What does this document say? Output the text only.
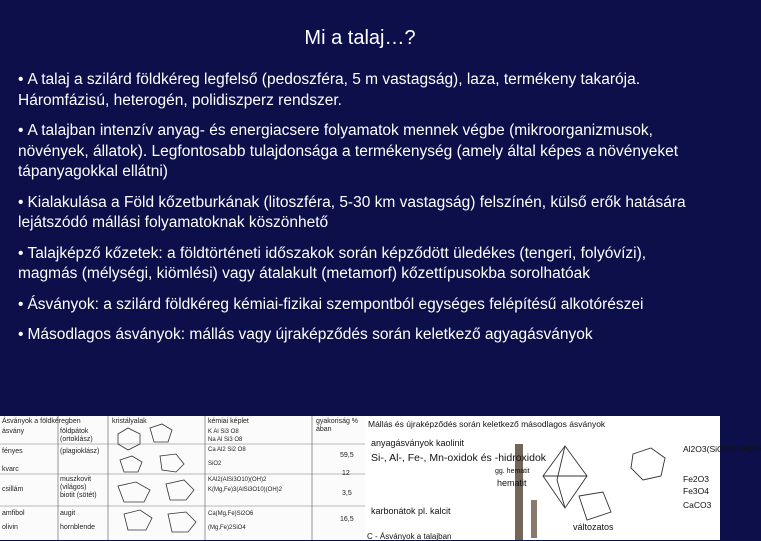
Mi a talaj…?
• A talaj a szilárd földkéreg legfelső (pedoszféra, 5 m vastagság), laza, termékeny takarója. Háromfázisú, heterogén, polidiszperz rendszer.
• A talajban intenzív anyag- és energiacsere folyamatok mennek végbe (mikroorganizmusok, növények, állatok). Legfontosabb tulajdonsága a termékenység (amely által képes a növényeket tápanyagokkal ellátni)
• Kialakulása a Föld kőzetburkának (litoszféra, 5-30 km vastagság) felszínén, külső erők hatására lejátszódó mállási folyamatoknak köszönhető
• Talajképző kőzetek: a földtörténeti időszakok során képződött üledékes (tengeri, folyóvízi), magmás (mélységi, kiömlési) vagy átalakult (metamorf) kőzettípusokba sorolhatóak
• Ásványok: a szilárd földkéreg kémiai-fizikai szempontból egységes felépítésű alkotórészei
• Másodlagos ásványok: mállás vagy újraképződés során keletkező agyagásványok
Ásványok a földkéregben
ásvány
fényes
kvarc
csillám
amfibol
olivin
földpátok (ortoklász)
(plagioklász)
muszkovit (világos)
biotit (sötét)
augit
hornblende
kristályalak	kémiai képlet
K Al Si3 O8
Na Al Si3 O8
Ca Al2 Si2 O8
SiO2
KAl2(AlSi3O10)(OH)2
K(Mg,Fe)3(AlSi3O10)(OH)2
Ca(Mg,Fe)Si2O6
(Mg,Fe)2SiO4
gyakoriság % ában
59,5
12
3,5
16,5
Mállás és újraképződés során keletkező másodlagos ásványok
anyagásványok kaolinit
Si-, Al-, Fe-, Mn-oxidok és -hidroxidok
gg. hematit
hematit
karbonátok pl. kalcit
változatos
C - Ásványok a talajban
Al2O3(SiO2)2·2H2O
Fe2O3
Fe3O4
CaCO3
